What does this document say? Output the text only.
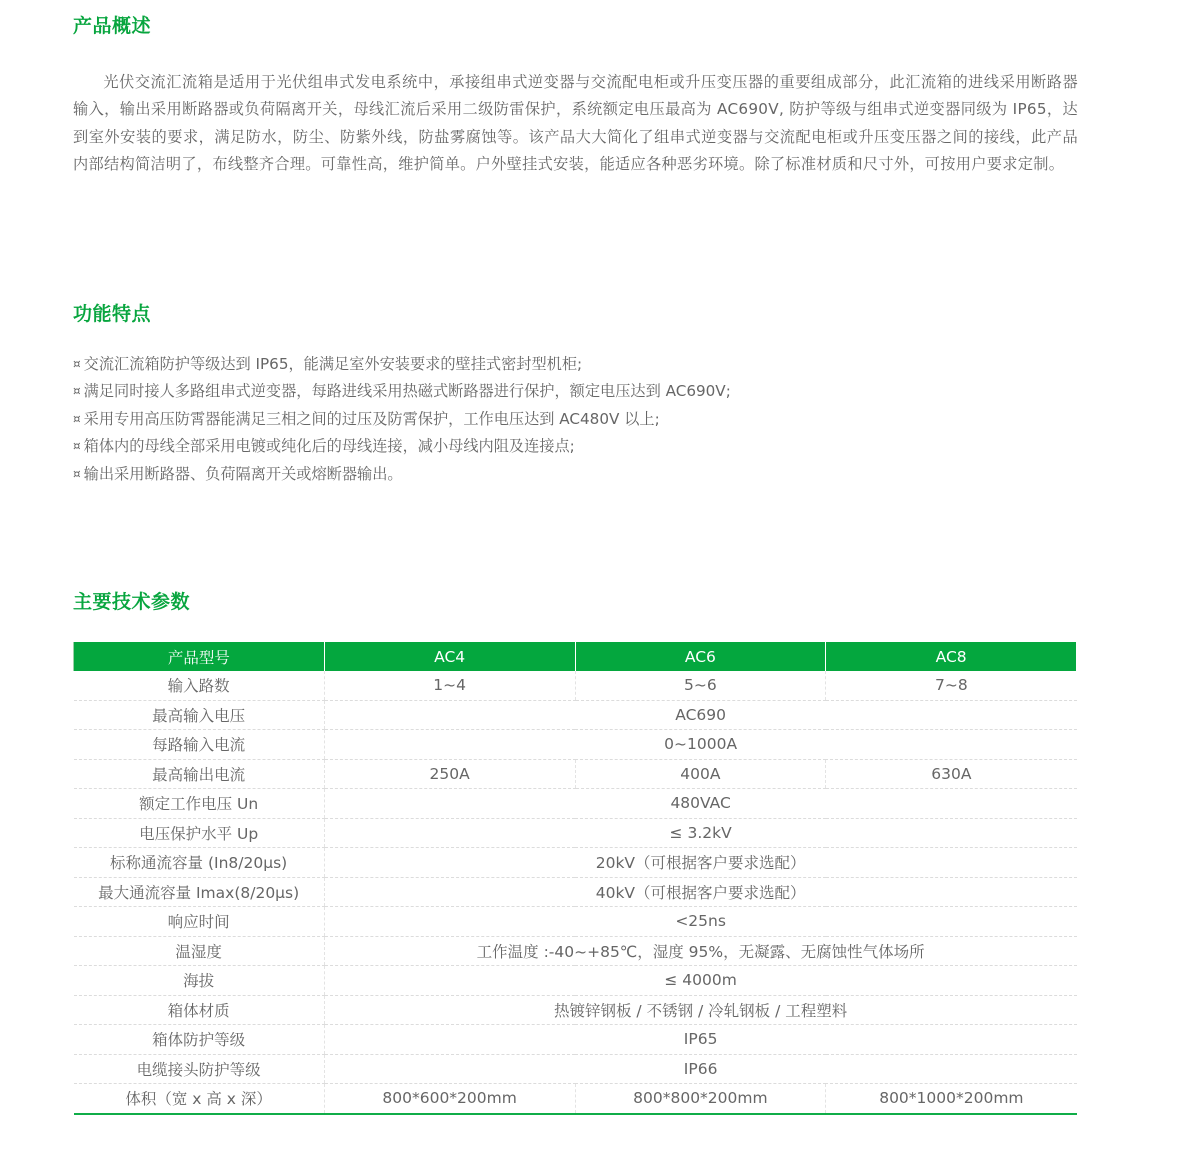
产品概述

光伏交流汇流箱是适用于光伏组串式发电系统中，承接组串式逆变器与交流配电柜或升压变压器的重要组成部分，此汇流箱的进线采用断路器输入，输出采用断路器或负荷隔离开关，母线汇流后采用二级防雷保护，系统额定电压最高为 AC690V, 防护等级与组串式逆变器同级为 IP65，达到室外安装的要求，满足防水，防尘、防紫外线，防盐雾腐蚀等。该产品大大简化了组串式逆变器与交流配电柜或升压变压器之间的接线，此产品内部结构简洁明了，布线整齐合理。可靠性高，维护简单。户外壁挂式安装，能适应各种恶劣环境。除了标准材质和尺寸外，可按用户要求定制。

功能特点
¤ 交流汇流箱防护等级达到 IP65，能满足室外安装要求的壁挂式密封型机柜;
¤ 满足同时接人多路组串式逆变器，每路进线采用热磁式断路器进行保护，额定电压达到 AC690V;
¤ 采用专用高压防霄器能满足三相之间的过压及防霄保护，工作电压达到 AC480V 以上;
¤ 箱体内的母线全部采用电镀或纯化后的母线连接，减小母线内阻及连接点;
¤ 输出采用断路器、负荷隔离开关或熔断器输出。
主要技术参数
产品型号	AC4	AC6	AC8
输入路数	1~4	5~6	7~8
最高输入电压	AC690		
每路输入电流	0~1000A		
最高输出电流	250A	400A	630A
额定工作电压 Un	480VAC		
电压保护水平 Up	≤ 3.2kV		
标称通流容量 (In8/20μs)	20kV（可根据客户要求选配）		
最大通流容量 Imax(8/20μs)	40kV（可根据客户要求选配）		
响应时间	<25ns		
温湿度	工作温度 :-40~+85℃，湿度 95%，无凝露、无腐蚀性气体场所		
海拔	≤ 4000m		
箱体材质	热镀锌钢板 / 不锈钢 / 冷轧钢板 / 工程塑料		
箱体防护等级	IP65		
电缆接头防护等级	IP66		
体积（宽 x 高 x 深）	800*600*200mm	800*800*200mm	800*1000*200mm
